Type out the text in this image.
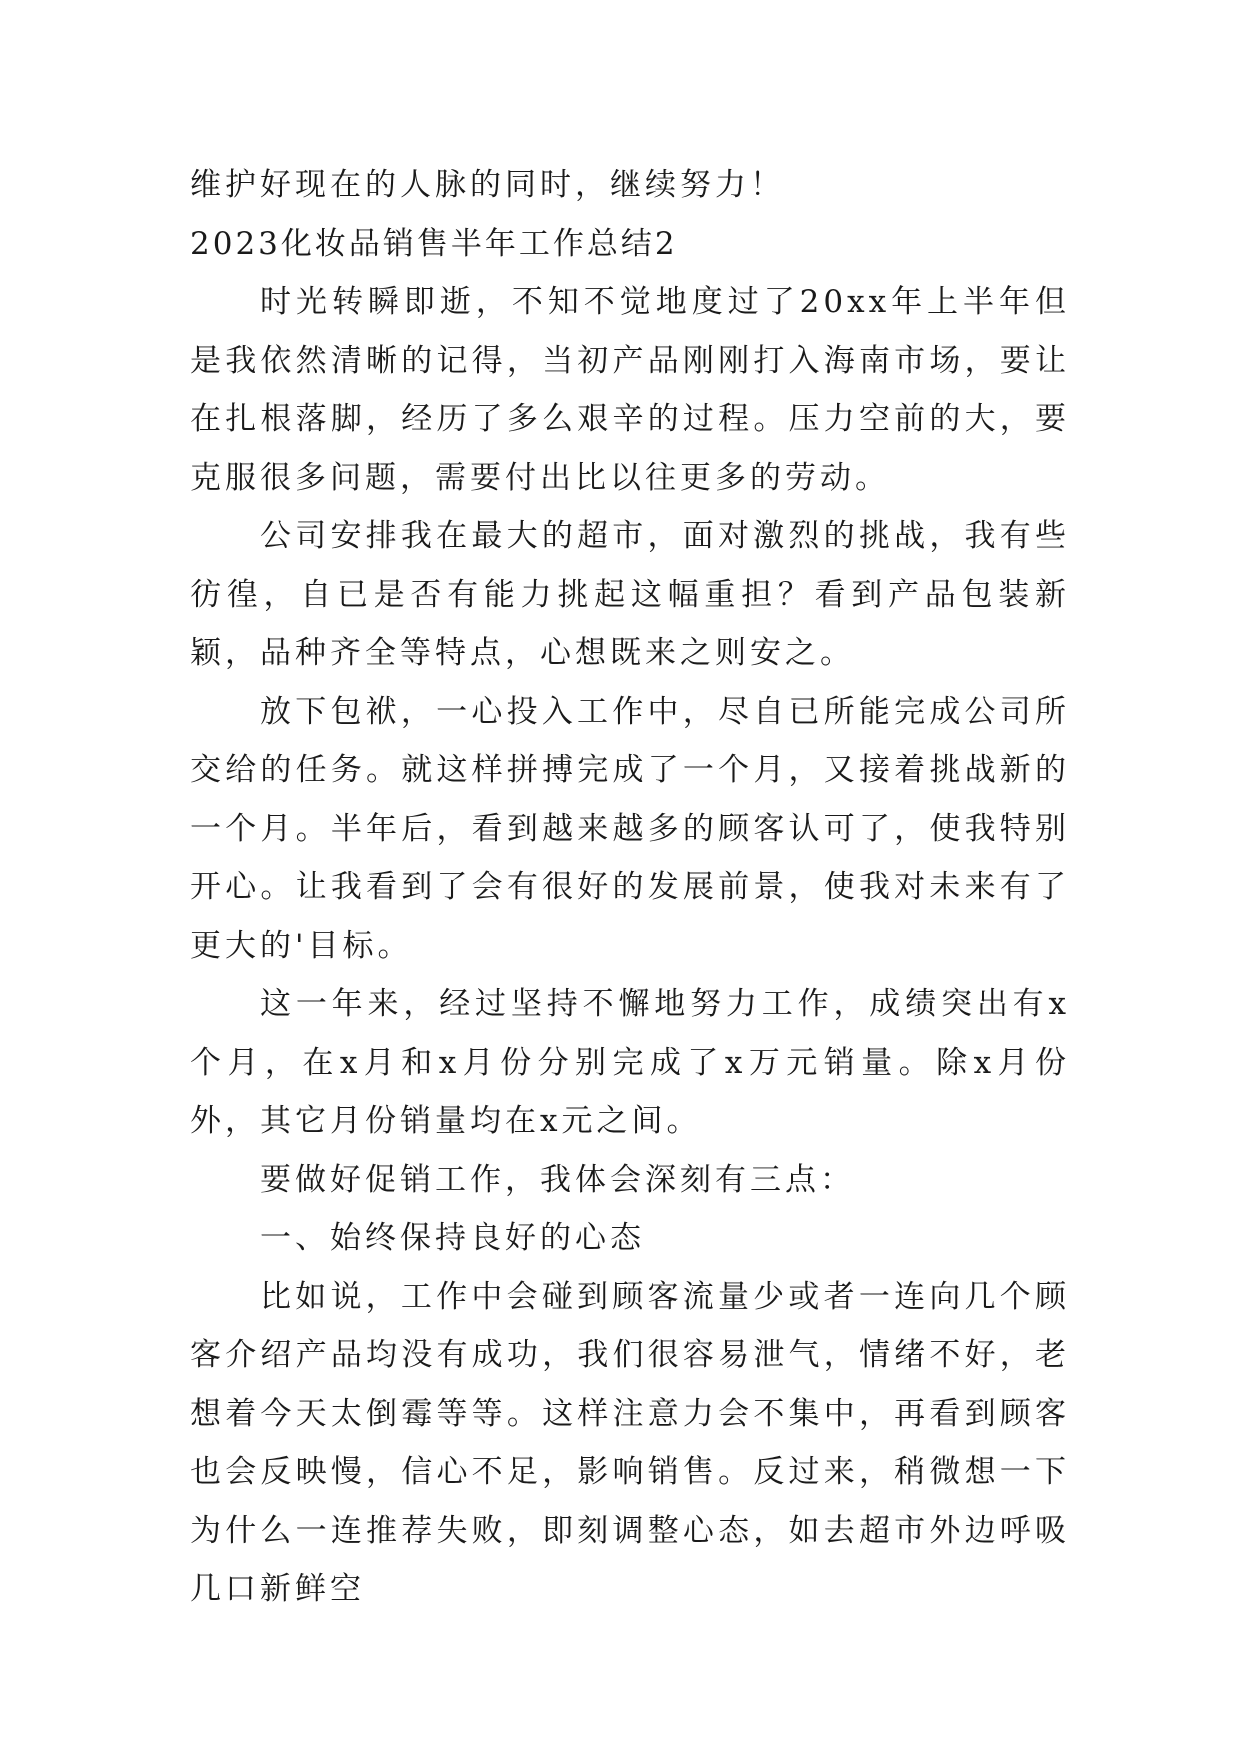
维护好现在的人脉的同时，继续努力！

2023化妆品销售半年工作总结2

时光转瞬即逝，不知不觉地度过了20xx年上半年但是我依然清晰的记得，当初产品刚刚打入海南市场，要让在扎根落脚，经历了多么艰辛的过程。压力空前的大，要克服很多问题，需要付出比以往更多的劳动。

公司安排我在最大的超市，面对激烈的挑战，我有些彷徨，自已是否有能力挑起这幅重担？看到产品包装新颖，品种齐全等特点，心想既来之则安之。

放下包袱，一心投入工作中，尽自已所能完成公司所交给的任务。就这样拼搏完成了一个月，又接着挑战新的一个月。半年后，看到越来越多的顾客认可了，使我特别开心。让我看到了会有很好的发展前景，使我对未来有了更大的'目标。

这一年来，经过坚持不懈地努力工作，成绩突出有x个月，在x月和x月份分别完成了x万元销量。除x月份外，其它月份销量均在x元之间。

要做好促销工作，我体会深刻有三点：

一、始终保持良好的心态

比如说，工作中会碰到顾客流量少或者一连向几个顾客介绍产品均没有成功，我们很容易泄气，情绪不好，老想着今天太倒霉等等。这样注意力会不集中，再看到顾客也会反映慢，信心不足，影响销售。反过来，稍微想一下为什么一连推荐失败，即刻调整心态，如去超市外边呼吸几口新鲜空
